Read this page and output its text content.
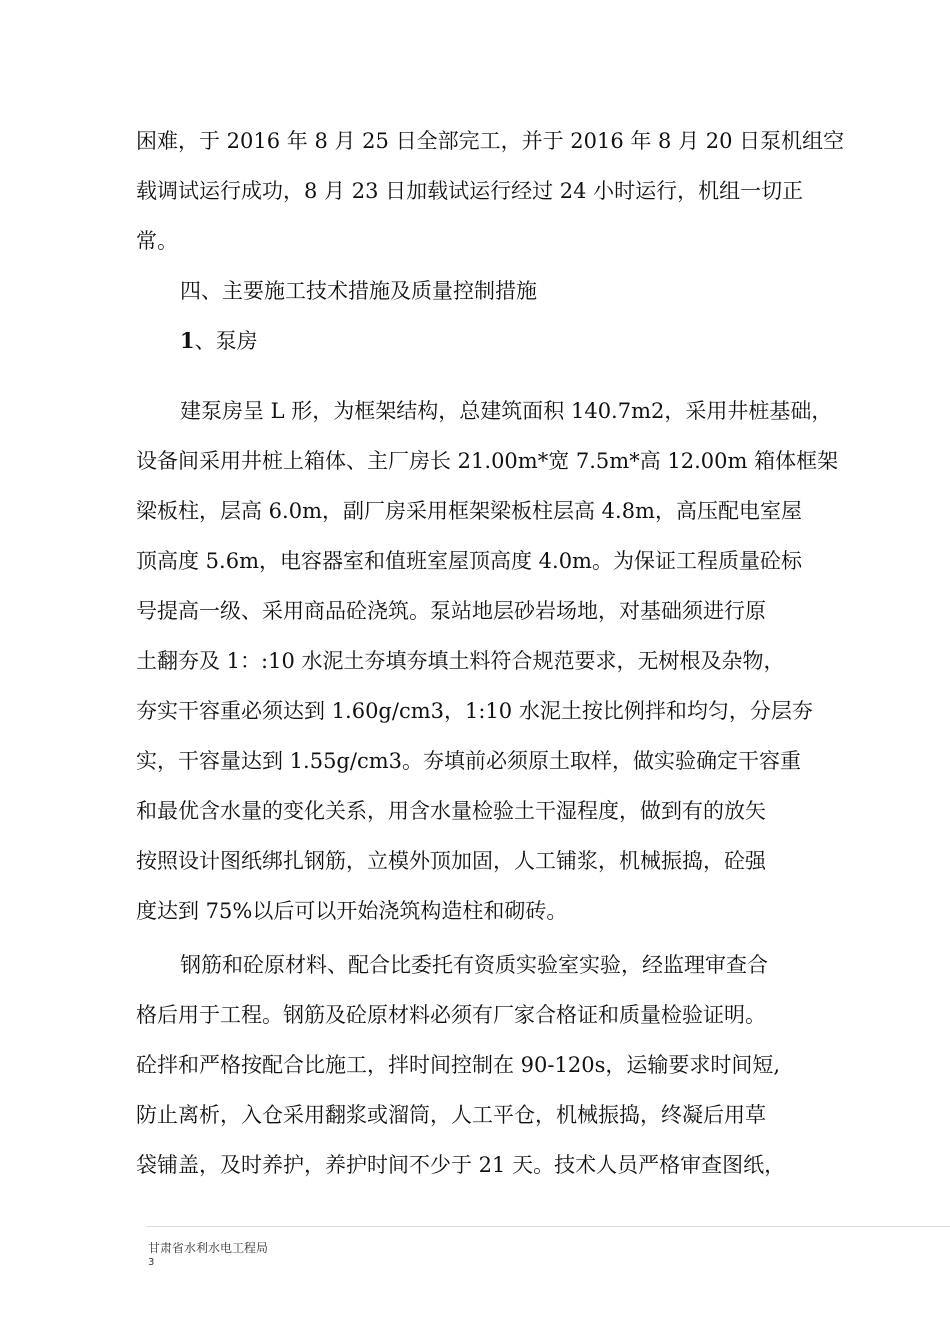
困难，于 2016 年 8 月 25 日全部完工，并于 2016 年 8 月 20 日泵机组空
载调试运行成功，8 月 23 日加载试运行经过 24 小时运行，机组一切正
常。
四、主要施工技术措施及质量控制措施
1、泵房
建泵房呈 L 形，为框架结构，总建筑面积 140.7m2，采用井桩基础，
设备间采用井桩上箱体、主厂房长 21.00m*宽 7.5m*高 12.00m 箱体框架
梁板柱，层高 6.0m，副厂房采用框架梁板柱层高 4.8m，高压配电室屋
顶高度 5.6m，电容器室和值班室屋顶高度 4.0m。为保证工程质量砼标
号提高一级、采用商品砼浇筑。泵站地层砂岩场地，对基础须进行原
土翻夯及 1：:10 水泥土夯填夯填土料符合规范要求，无树根及杂物，
夯实干容重必须达到 1.60g/cm3，1:10 水泥土按比例拌和均匀，分层夯
实，干容量达到 1.55g/cm3。夯填前必须原土取样，做实验确定干容重
和最优含水量的变化关系，用含水量检验土干湿程度，做到有的放矢
按照设计图纸绑扎钢筋，立模外顶加固，人工铺浆，机械振捣，砼强
度达到 75%以后可以开始浇筑构造柱和砌砖。
钢筋和砼原材料、配合比委托有资质实验室实验，经监理审查合
格后用于工程。钢筋及砼原材料必须有厂家合格证和质量检验证明。
砼拌和严格按配合比施工，拌时间控制在 90-120s，运输要求时间短,
防止离析，入仓采用翻浆或溜筒，人工平仓，机械振捣，终凝后用草
袋铺盖，及时养护，养护时间不少于 21 天。技术人员严格审查图纸，
甘肃省水利水电工程局
3
